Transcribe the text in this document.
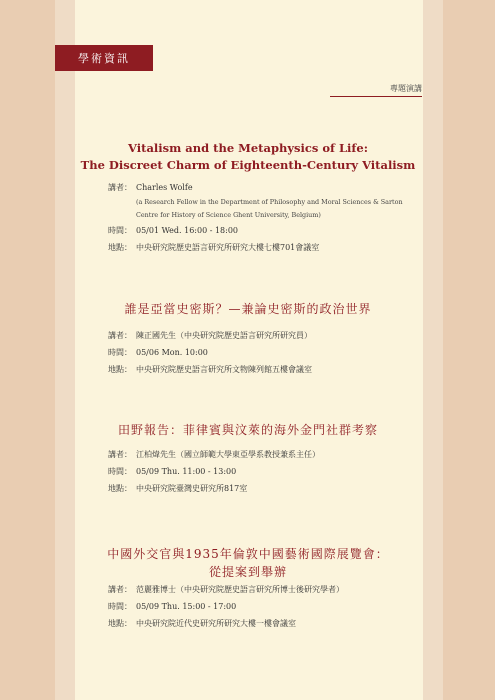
學術資訊
專題演講
Vitalism and the Metaphysics of Life:
The Discreet Charm of Eighteenth-Century Vitalism
講者： Charles Wolfe
(a Research Fellow in the Department of Philosophy and Moral Sciences & Sarton
Centre for History of Science Ghent University, Belgium)
時間： 05/01 Wed. 16:00 - 18:00
地點： 中央研究院歷史語言研究所研究大樓七樓701會議室
誰是亞當史密斯？—兼論史密斯的政治世界
講者： 陳正國先生（中央研究院歷史語言研究所研究員）
時間： 05/06 Mon. 10:00
地點： 中央研究院歷史語言研究所文物陳列館五樓會議室
田野報告：菲律賓與汶萊的海外金門社群考察
講者： 江柏煒先生（國立師範大學東亞學系教授兼系主任）
時間： 05/09 Thu. 11:00 - 13:00
地點： 中央研究院臺灣史研究所817室
中國外交官與1935年倫敦中國藝術國際展覽會：
從提案到舉辦
講者： 范麗雅博士（中央研究院歷史語言研究所博士後研究學者）
時間： 05/09 Thu. 15:00 - 17:00
地點： 中央研究院近代史研究所研究大樓一樓會議室
